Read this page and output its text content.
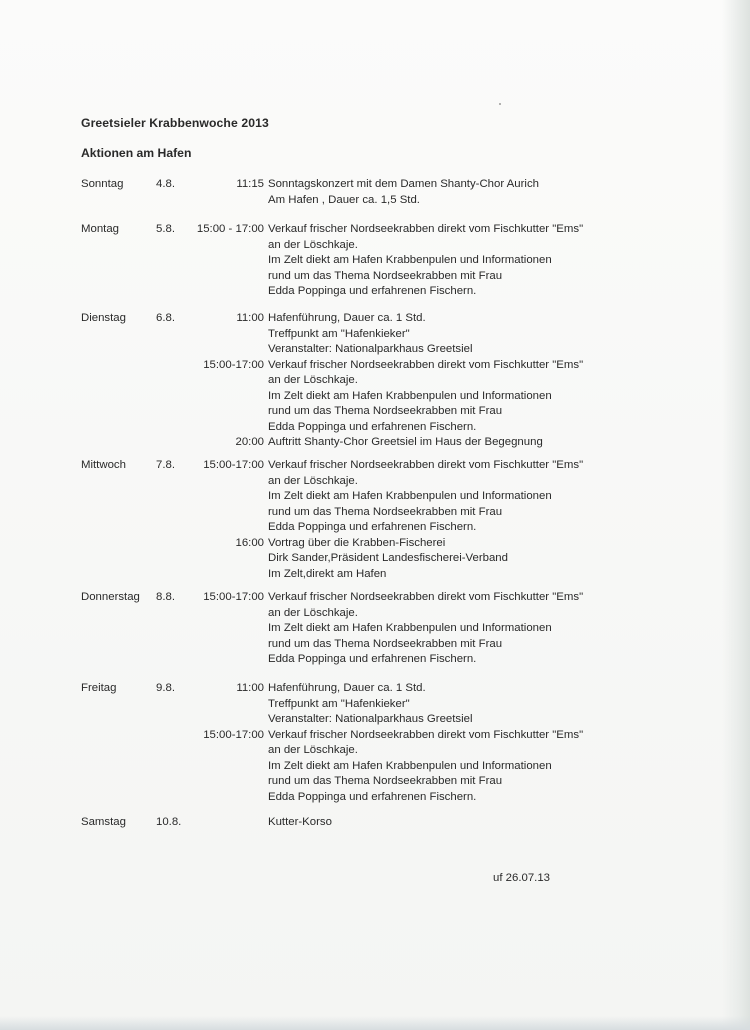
Greetsieler Krabbenwoche 2013
Aktionen am Hafen
Sonntag	4.8.	11:15 Sonntagskonzert mit dem Damen Shanty-Chor Aurich
Am Hafen , Dauer ca. 1,5 Std.
Montag	5.8. 15:00 - 17:00 Verkauf frischer Nordseekrabben direkt vom Fischkutter "Ems"
an der Löschkaje.
Im Zelt diekt am Hafen Krabbenpulen und Informationen
rund um das Thema Nordseekrabben mit Frau
Edda Poppinga und erfahrenen Fischern.
Dienstag	6.8.	11:00 Hafenführung, Dauer ca. 1 Std.
Treffpunkt am "Hafenkieker"
Veranstalter: Nationalparkhaus Greetsiel
15:00-17:00 Verkauf frischer Nordseekrabben direkt vom Fischkutter "Ems"
an der Löschkaje.
Im Zelt diekt am Hafen Krabbenpulen und Informationen
rund um das Thema Nordseekrabben mit Frau
Edda Poppinga und erfahrenen Fischern.
20:00 Auftritt Shanty-Chor Greetsiel im Haus der Begegnung
Mittwoch	7.8. 15:00-17:00 Verkauf frischer Nordseekrabben direkt vom Fischkutter "Ems"
an der Löschkaje.
Im Zelt diekt am Hafen Krabbenpulen und Informationen
rund um das Thema Nordseekrabben mit Frau
Edda Poppinga und erfahrenen Fischern.
16:00 Vortrag über die Krabben-Fischerei
Dirk Sander,Präsident Landesfischerei-Verband
Im Zelt,direkt am Hafen
Donnerstag 8.8. 15:00-17:00 Verkauf frischer Nordseekrabben direkt vom Fischkutter "Ems"
an der Löschkaje.
Im Zelt diekt am Hafen Krabbenpulen und Informationen
rund um das Thema Nordseekrabben mit Frau
Edda Poppinga und erfahrenen Fischern.
Freitag	9.8.	11:00 Hafenführung, Dauer ca. 1 Std.
Treffpunkt am "Hafenkieker"
Veranstalter: Nationalparkhaus Greetsiel
15:00-17:00 Verkauf frischer Nordseekrabben direkt vom Fischkutter "Ems"
an der Löschkaje.
Im Zelt diekt am Hafen Krabbenpulen und Informationen
rund um das Thema Nordseekrabben mit Frau
Edda Poppinga und erfahrenen Fischern.
Samstag	10.8.	Kutter-Korso
uf 26.07.13
